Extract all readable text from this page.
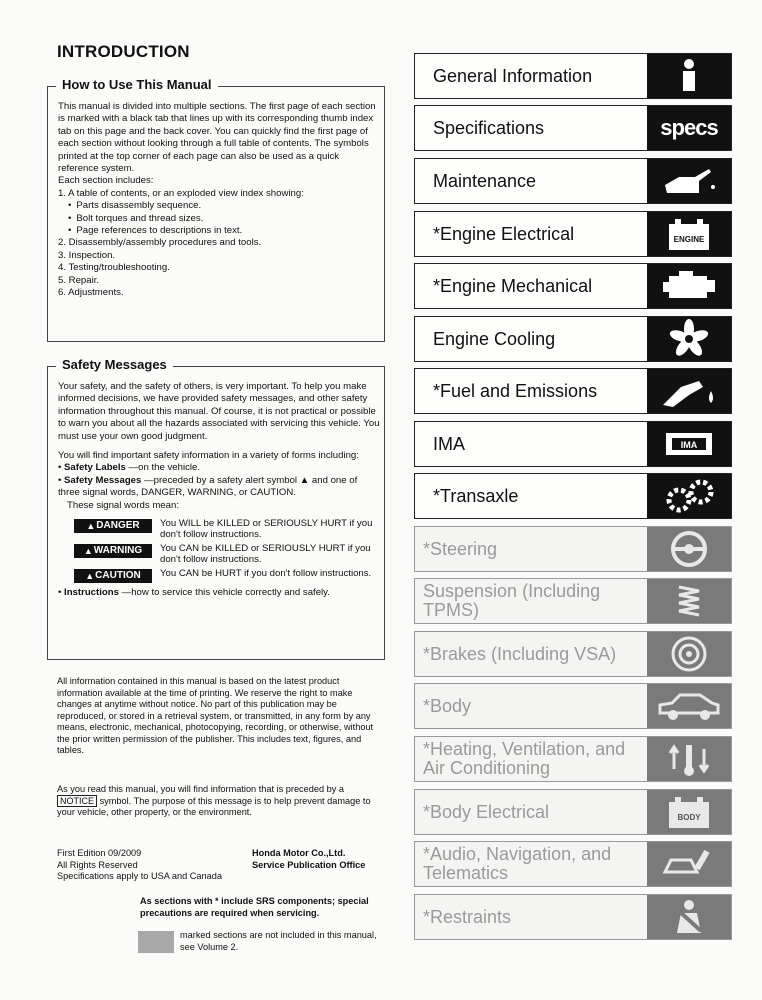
INTRODUCTION
How to Use This Manual

This manual is divided into multiple sections. The first page of each section is marked with a black tab that lines up with its corresponding thumb index tab on this page and the back cover. You can quickly find the first page of each section without looking through a full table of contents. The symbols printed at the top corner of each page can also be used as a quick reference system.

Each section includes:

1. A table of contents, or an exploded view index showing:

• Parts disassembly sequence.
• Bolt torques and thread sizes.
• Page references to descriptions in text.

2. Disassembly/assembly procedures and tools.

3. Inspection.

4. Testing/troubleshooting.

5. Repair.

6. Adjustments.

Safety Messages

Your safety, and the safety of others, is very important. To help you make informed decisions, we have provided safety messages, and other safety information throughout this manual. Of course, it is not practical or possible to warn you about all the hazards associated with servicing this vehicle. You must use your own good judgment.

You will find important safety information in a variety of forms including:

• Safety Labels —on the vehicle.

• Safety Messages —preceded by a safety alert symbol ▲ and one of three signal words, DANGER, WARNING, or CAUTION.

These signal words mean:

▲ DANGER You WILL be KILLED or SERIOUSLY HURT if you don't follow instructions.
▲ WARNING You CAN be KILLED or SERIOUSLY HURT if you don't follow instructions.
▲ CAUTION You CAN be HURT if you don't follow instructions.

• Instructions —how to service this vehicle correctly and safely.

All information contained in this manual is based on the latest product information available at the time of printing. We reserve the right to make changes at anytime without notice. No part of this publication may be reproduced, or stored in a retrieval system, or transmitted, in any form by any means, electronic, mechanical, photocopying, recording, or otherwise, without the prior written permission of the publisher. This includes text, figures, and tables.
As you read this manual, you will find information that is preceded by a NOTICE symbol. The purpose of this message is to help prevent damage to your vehicle, other property, or the environment.
First Edition 09/2009
All Rights Reserved
Specifications apply to USA and Canada
Honda Motor Co.,Ltd.
Service Publication Office
As sections with * include SRS components; special precautions are required when servicing.
marked sections are not included in this manual, see Volume 2.
General Information
Specifications	specs
Maintenance
*Engine Electrical	ENGINE
*Engine Mechanical
Engine Cooling
*Fuel and Emissions
IMA	IMA
*Transaxle
*Steering
Suspension (Including TPMS)
*Brakes (Including VSA)
*Body
*Heating, Ventilation, and Air Conditioning
*Body Electrical	BODY
*Audio, Navigation, and Telematics
*Restraints
